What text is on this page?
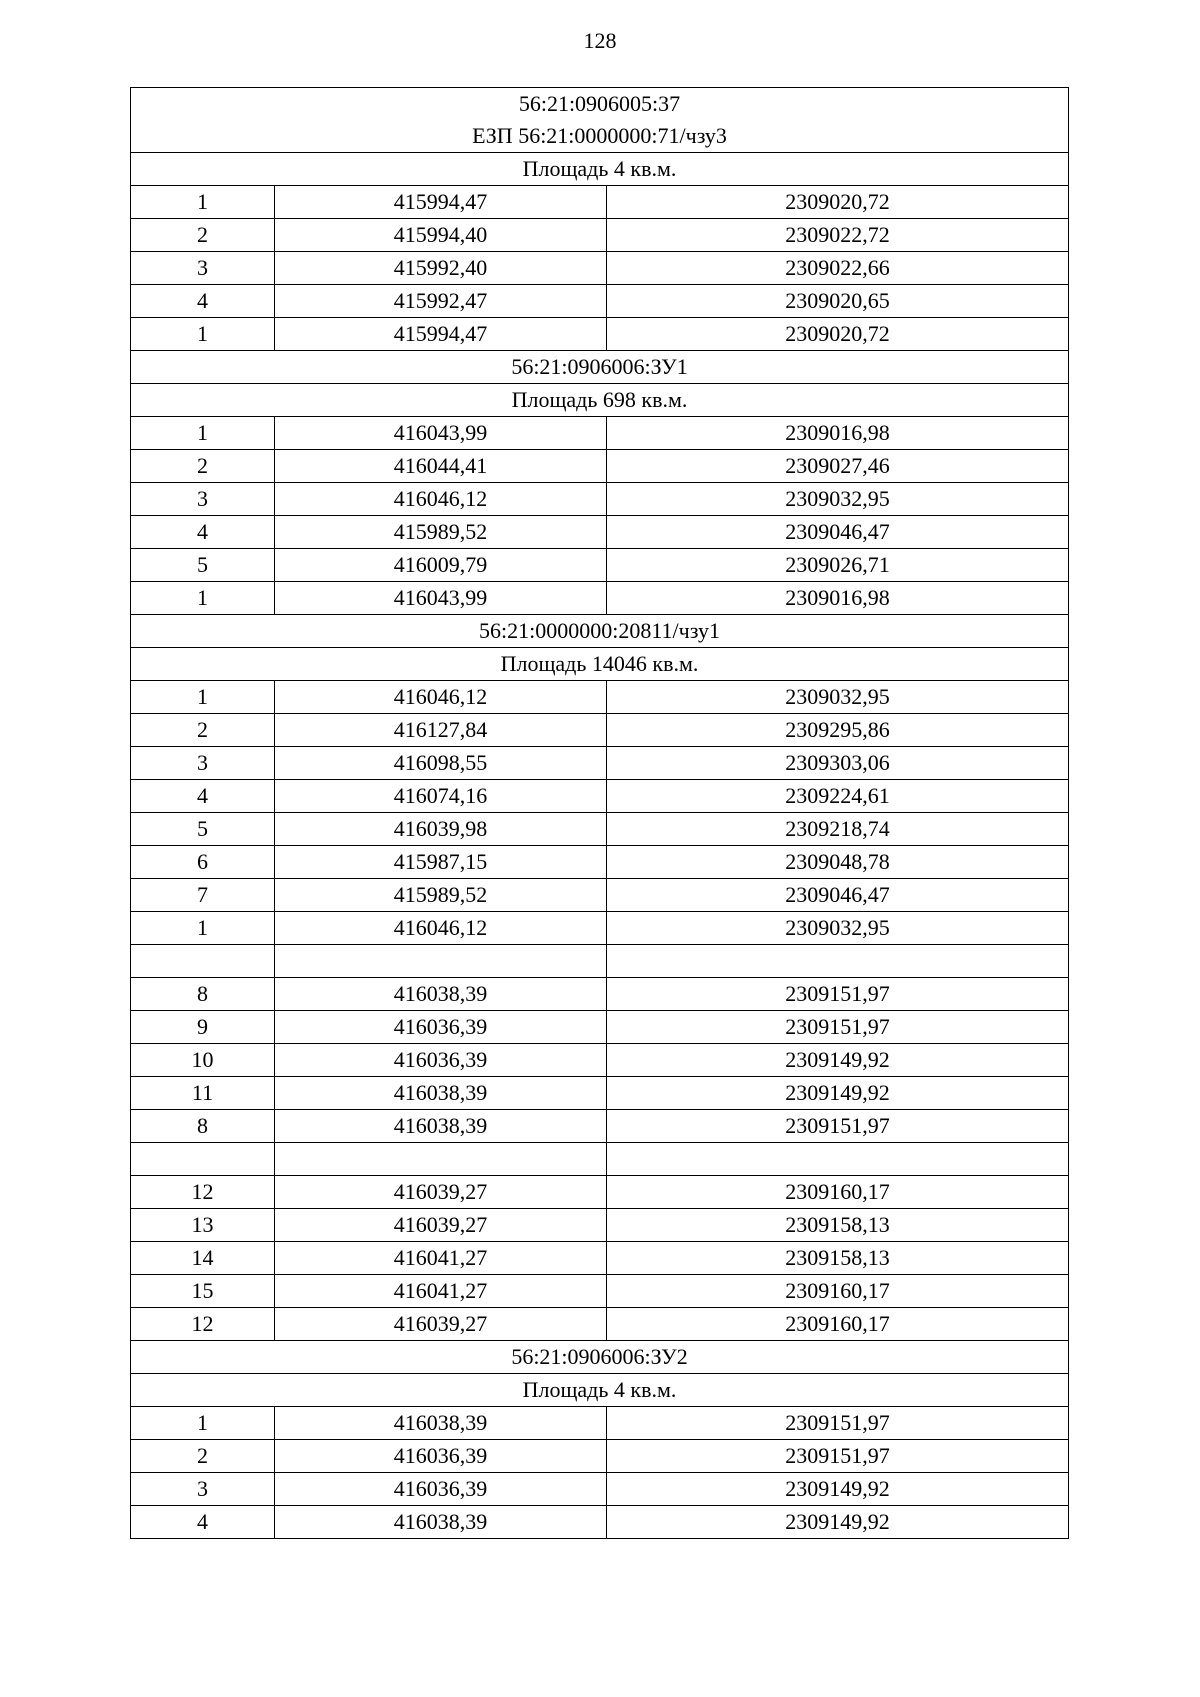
128
56:21:0906005:37
ЕЗП 56:21:0000000:71/чзу3		

Площадь 4 кв.м.		
1	415994,47	2309020,72
2	415994,40	2309022,72
3	415992,40	2309022,66
4	415992,47	2309020,65
1	415994,47	2309020,72
56:21:0906006:ЗУ1		
Площадь 698 кв.м.		
1	416043,99	2309016,98
2	416044,41	2309027,46
3	416046,12	2309032,95
4	415989,52	2309046,47
5	416009,79	2309026,71
1	416043,99	2309016,98
56:21:0000000:20811/чзу1		
Площадь 14046 кв.м.		
1	416046,12	2309032,95
2	416127,84	2309295,86
3	416098,55	2309303,06
4	416074,16	2309224,61
5	416039,98	2309218,74
6	415987,15	2309048,78
7	415989,52	2309046,47
1	416046,12	2309032,95

8	416038,39	2309151,97
9	416036,39	2309151,97
10	416036,39	2309149,92
11	416038,39	2309149,92
8	416038,39	2309151,97

12	416039,27	2309160,17
13	416039,27	2309158,13
14	416041,27	2309158,13
15	416041,27	2309160,17
12	416039,27	2309160,17
56:21:0906006:ЗУ2		
Площадь 4 кв.м.		
1	416038,39	2309151,97
2	416036,39	2309151,97
3	416036,39	2309149,92
4	416038,39	2309149,92
